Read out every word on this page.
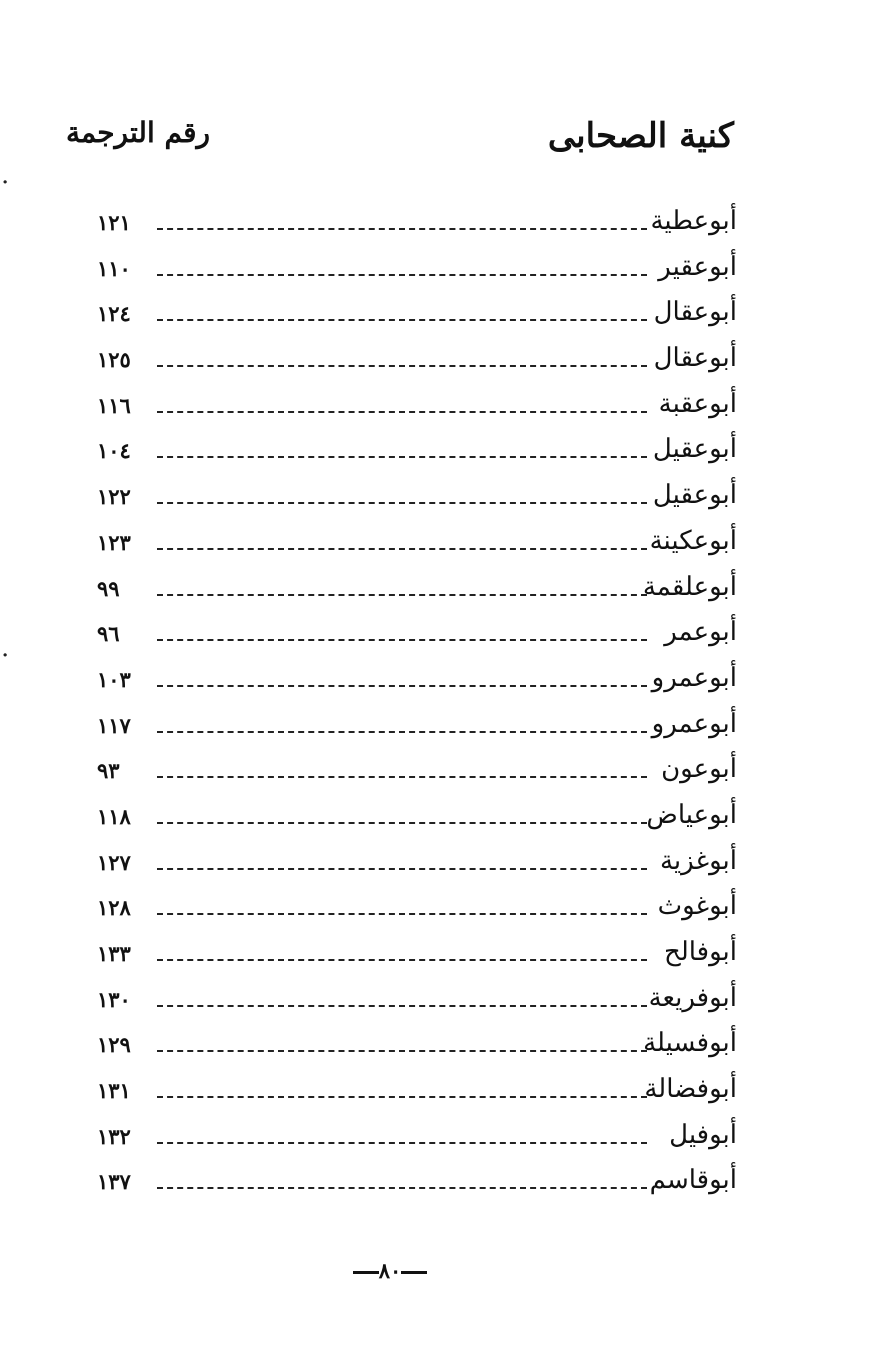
كنية الصحابى
رقم الترجمة
أبوعطية
١٢١
أبوعقير
١١٠
أبوعقال
١٢٤
أبوعقال
١٢٥
أبوعقبة
١١٦
أبوعقيل
١٠٤
أبوعقيل
١٢٢
أبوعكينة
١٢٣
أبوعلقمة
٩٩
أبوعمر
٩٦
أبوعمرو
١٠٣
أبوعمرو
١١٧
أبوعون
٩٣
أبوعياض
١١٨
أبوغزية
١٢٧
أبوغوث
١٢٨
أبوفالح
١٣٣
أبوفريعة
١٣٠
أبوفسيلة
١٢٩
أبوفضالة
١٣١
أبوفيل
١٣٢
أبوقاسم
١٣٧
٨٠
·
·
